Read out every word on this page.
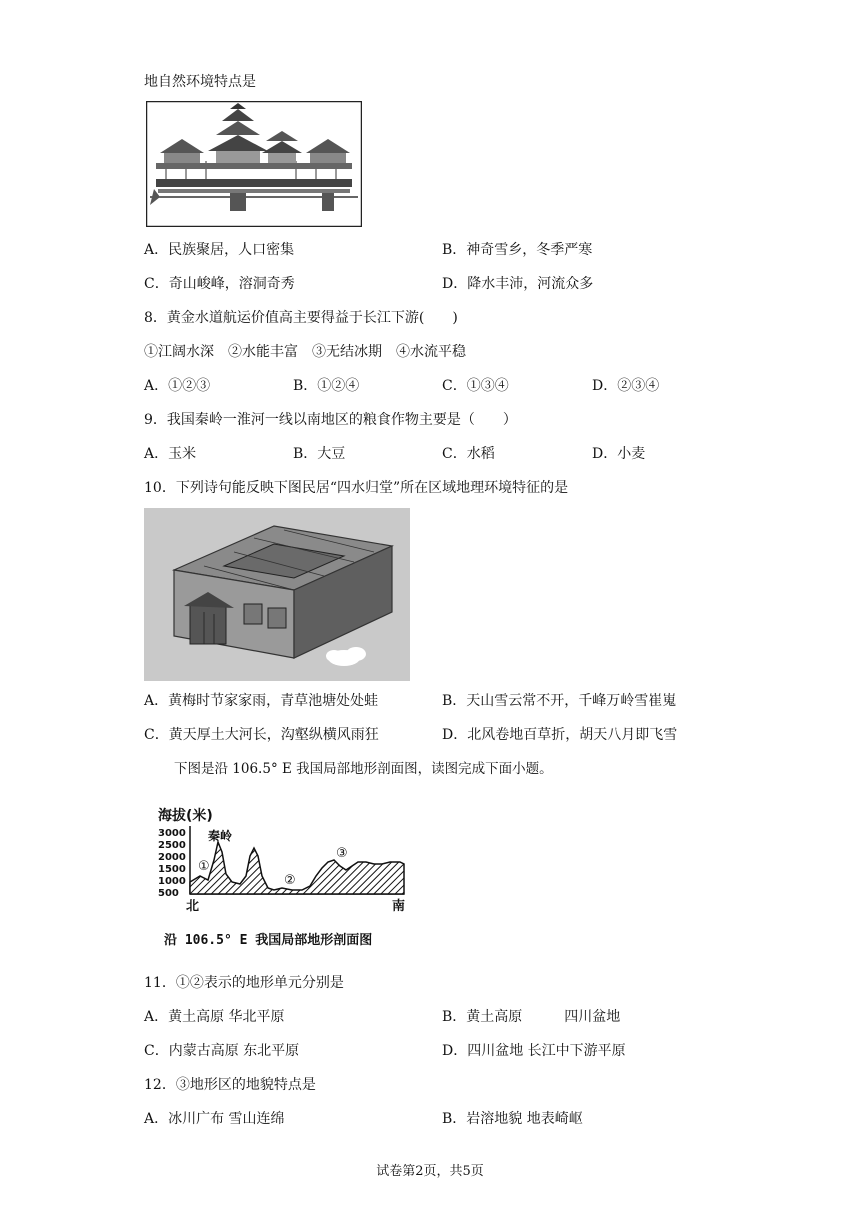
地自然环境特点是
A．民族聚居，人口密集	B．神奇雪乡，冬季严寒
C．奇山峻峰，溶洞奇秀	D．降水丰沛，河流众多
8．黄金水道航运价值高主要得益于长江下游(　　)
①江阔水深　②水能丰富　③无结冰期　④水流平稳
A．①②③	B．①②④	C．①③④	D．②③④
9．我国秦岭一淮河一线以南地区的粮食作物主要是（　　）
A．玉米	B．大豆	C．水稻	D．小麦
10．下列诗句能反映下图民居“四水归堂”所在区域地理环境特征的是
A．黄梅时节家家雨，青草池塘处处蛙	B．天山雪云常不开，千峰万岭雪崔嵬
C．黄天厚土大河长，沟壑纵横风雨狂	D．北风卷地百草折，胡天八月即飞雪
下图是沿 106.5° E 我国局部地形剖面图，读图完成下面小题。
海拔(米)
3000
2500
2000
1500
1000
500
秦岭
①
②
③
北	南
沿 106.5° E 我国局部地形剖面图
11．①②表示的地形单元分别是
A．黄土高原 华北平原	B．黄土高原　　　四川盆地
C．内蒙古高原 东北平原	D．四川盆地 长江中下游平原
12．③地形区的地貌特点是
A．冰川广布 雪山连绵	B．岩溶地貌 地表崎岖
试卷第2页，共5页
